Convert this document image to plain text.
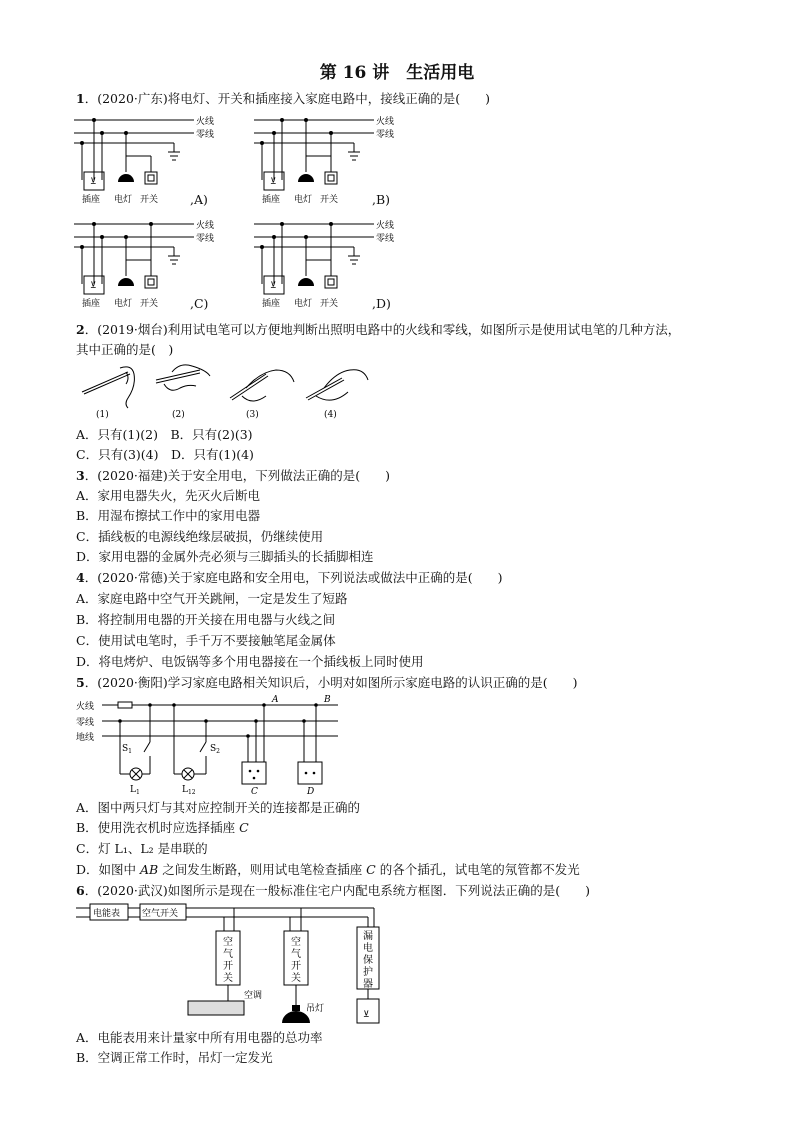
第 16 讲　生活用电
1．(2020·广东)将电灯、开关和插座接入家庭电路中，接线正确的是(　　)
⊻
火线
零线
插座 电灯 开关	,A)
⊻
火线
零线
插座 电灯 开关	,B)
⊻
火线
零线
插座 电灯 开关	,C)
⊻
火线
零线
插座 电灯 开关	,D)
2．(2019·烟台)利用试电笔可以方便地判断出照明电路中的火线和零线，如图所示是使用试电笔的几种方法，
其中正确的是(　)
(1)	(2)	(3)	(4)
A．只有(1)(2)　B．只有(2)(3)
C．只有(3)(4)　D．只有(1)(4)
3．(2020·福建)关于安全用电，下列做法正确的是(　　)
A．家用电器失火，先灭火后断电
B．用湿布擦拭工作中的家用电器
C．插线板的电源线绝缘层破损，仍继续使用
D．家用电器的金属外壳必须与三脚插头的长插脚相连
4．(2020·常德)关于家庭电路和安全用电，下列说法或做法中正确的是(　　)
A．家庭电路中空气开关跳闸，一定是发生了短路
B．将控制用电器的开关接在用电器与火线之间
C．使用试电笔时，手千万不要接触笔尾金属体
D．将电烤炉、电饭锅等多个用电器接在一个插线板上同时使用
5．(2020·衡阳)学习家庭电路相关知识后，小明对如图所示家庭电路的认识正确的是(　　)
火线
零线
地线
A	B
$S_1$	$S_2$
$L_1$	$L_{12}$	C	D
A．图中两只灯与其对应控制开关的连接都是正确的
B．使用洗衣机时应选择插座 C
C．灯 L₁、L₂ 是串联的
D．如图中 AB 之间发生断路，则用试电笔检查插座 C 的各个插孔，试电笔的氖管都不发光
6．(2020·武汉)如图所示是现在一般标准住宅户内配电系统方框图．下列说法正确的是(　　)
⊻
电能表 空气开关
空
气
开
关
空
气
开
关
漏
电
保
护
器
空调
吊灯
A．电能表用来计量家中所有用电器的总功率
B．空调正常工作时，吊灯一定发光
